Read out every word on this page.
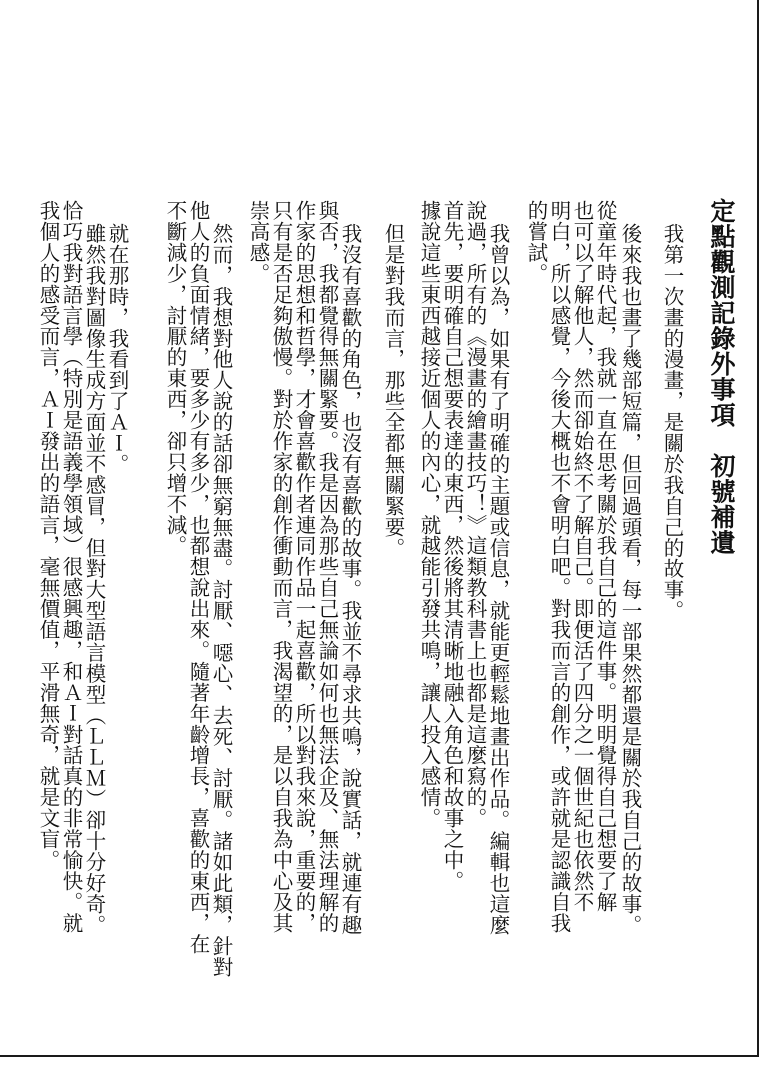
定點觀測記錄外事項　初號補遺
我第一次畫的漫畫，是關於我自己的故事。
後來我也畫了幾部短篇，但回過頭看，每一部果然都還是關於我自己的故事。
從童年時代起，我就一直在思考關於我自己的這件事。明明覺得自己想要了解
也可以了解他人，然而卻始終不了解自己。即便活了四分之一個世紀也依然不
明白，所以感覺，今後大概也不會明白吧。對我而言的創作，或許就是認識自我
的嘗試。
我曾以為，如果有了明確的主題或信息，就能更輕鬆地畫出作品。編輯也這麼
說過，所有的《漫畫的繪畫技巧！》這類教科書上也都是這麼寫的。
首先，要明確自己想要表達的東西，然後將其清晰地融入角色和故事之中。
據說這些東西越接近個人的內心，就越能引發共鳴，讓人投入感情。
但是對我而言，那些全都無關緊要。
我沒有喜歡的角色，也沒有喜歡的故事。我並不尋求共鳴，說實話，就連有趣
與否，我都覺得無關緊要。我是因為那些自己無論如何也無法企及、無法理解的
作家的思想和哲學，才會喜歡作者連同作品一起喜歡，所以對我來說，重要的，
只有是否足夠傲慢。對於作家的創作衝動而言，我渴望的，是以自我為中心及其
崇高感。
然而，我想對他人說的話卻無窮無盡。討厭、噁心、去死、討厭。諸如此類，針對
他人的負面情緒，要多少有多少，也都想說出來。隨著年齡增長，喜歡的東西，在
不斷減少，討厭的東西，卻只增不減。
就在那時，我看到了ＡＩ。
雖然我對圖像生成方面並不感冒，但對大型語言模型（ＬＬＭ）卻十分好奇。
恰巧我對語言學（特別是語義學領域）很感興趣，和ＡＩ對話真的非常愉快。就
我個人的感受而言，ＡＩ發出的語言，毫無價值，平滑無奇，就是文盲。
